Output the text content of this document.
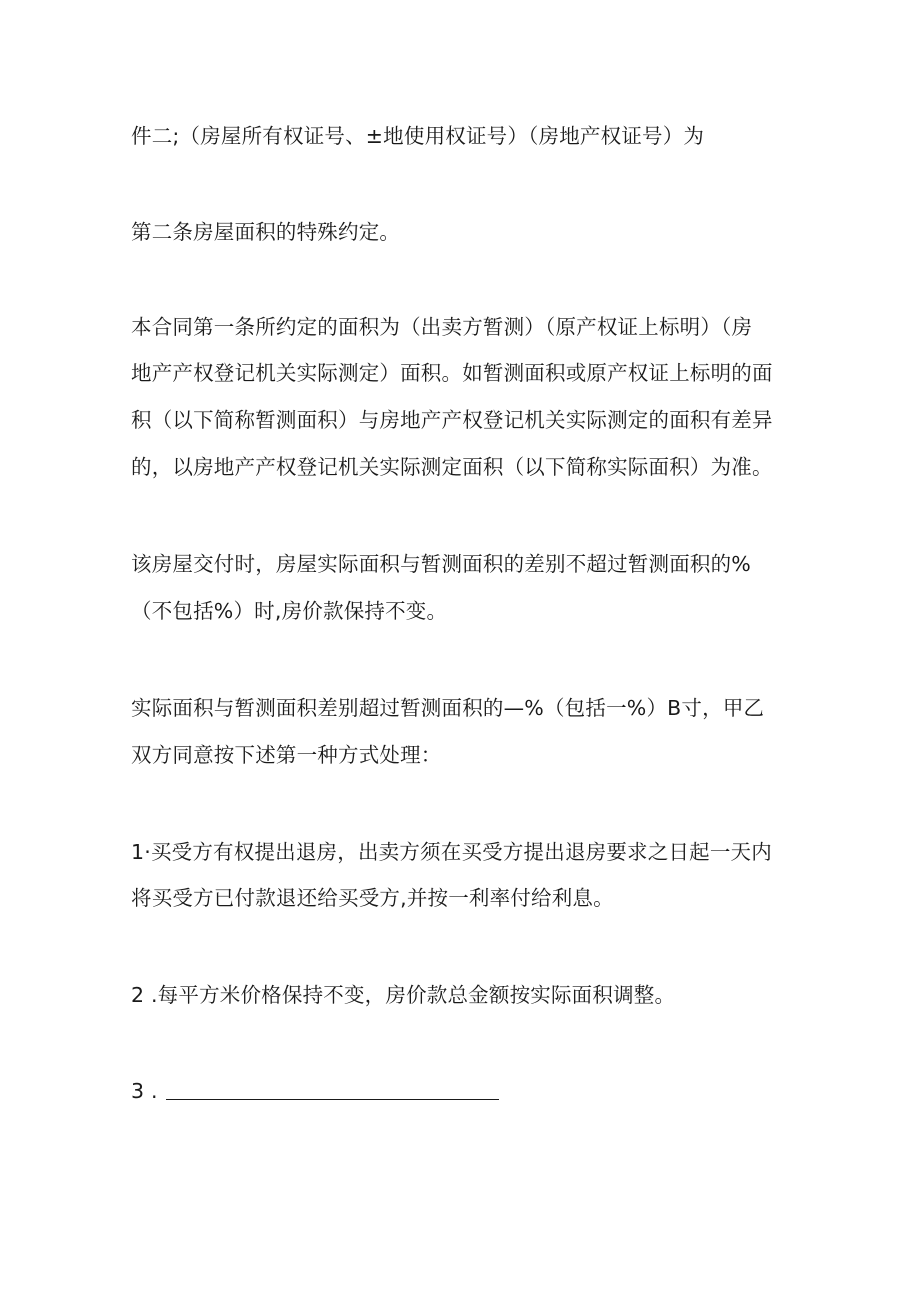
件二;（房屋所有权证号、±地使用权证号）（房地产权证号）为
第二条房屋面积的特殊约定。
本合同第一条所约定的面积为（出卖方暂测）（原产权证上标明）（房
地产产权登记机关实际测定）面积。如暂测面积或原产权证上标明的面
积（以下简称暂测面积）与房地产产权登记机关实际测定的面积有差异
的，以房地产产权登记机关实际测定面积（以下简称实际面积）为准。
该房屋交付时，房屋实际面积与暂测面积的差别不超过暂测面积的%
（不包括%）时,房价款保持不变。
实际面积与暂测面积差别超过暂测面积的—%（包括一%）B寸，甲乙
双方同意按下述第一种方式处理：
1·买受方有权提出退房，出卖方须在买受方提出退房要求之日起一天内
将买受方已付款退还给买受方,并按一利率付给利息。
2 .每平方米价格保持不变，房价款总金额按实际面积调整。
3 .
